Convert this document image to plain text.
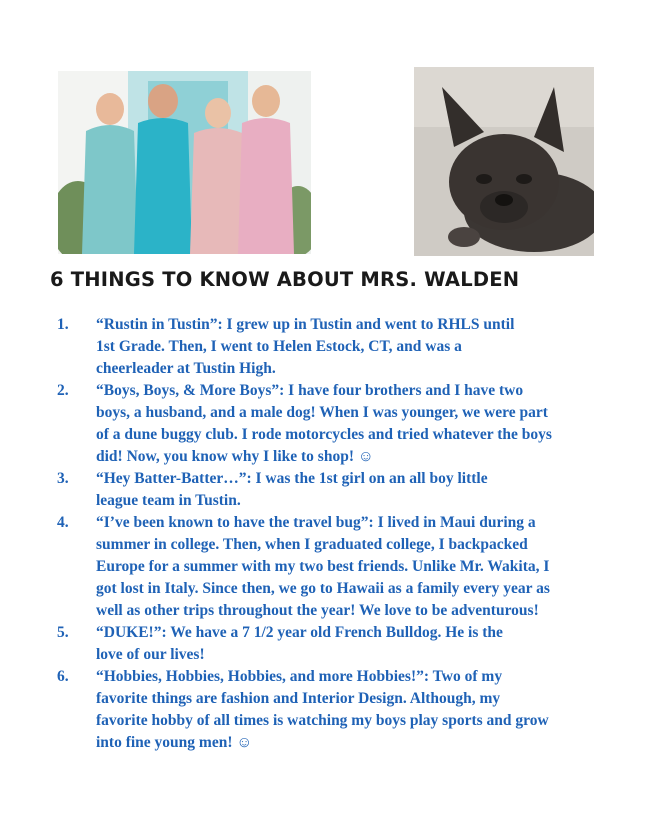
6 THINGS TO KNOW ABOUT MRS. WALDEN
1. “Rustin in Tustin”: I grew up in Tustin and went to RHLS until
1st Grade. Then, I went to Helen Estock, CT, and was a
cheerleader at Tustin High.
2. “Boys, Boys, & More Boys”: I have four brothers and I have two
boys, a husband, and a male dog! When I was younger, we were part
of a dune buggy club. I rode motorcycles and tried whatever the boys
did! Now, you know why I like to shop! ☺
3. “Hey Batter-Batter…”: I was the 1st girl on an all boy little
league team in Tustin.
4. “I’ve been known to have the travel bug”: I lived in Maui during a
summer in college. Then, when I graduated college, I backpacked
Europe for a summer with my two best friends. Unlike Mr. Wakita, I
got lost in Italy. Since then, we go to Hawaii as a family every year as
well as other trips throughout the year! We love to be adventurous!
5. “DUKE!”: We have a 7 1/2 year old French Bulldog. He is the
love of our lives!
6. “Hobbies, Hobbies, Hobbies, and more Hobbies!”: Two of my
favorite things are fashion and Interior Design. Although, my
favorite hobby of all times is watching my boys play sports and grow
into fine young men! ☺
